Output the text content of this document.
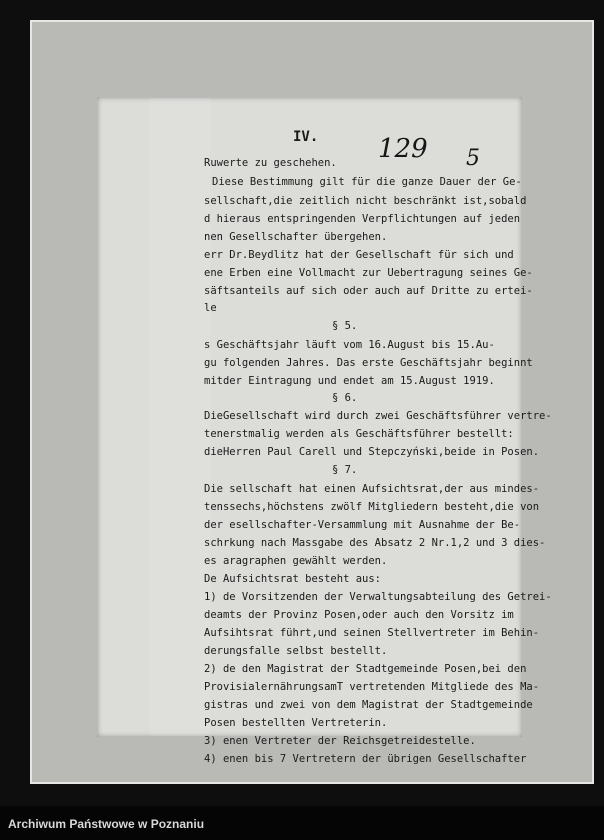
IV. 129 5
Ruwerte zu geschehen.
Diese Bestimmung gilt für die ganze Dauer der Ge-
sellschaft,die zeitlich nicht beschränkt ist,sobald
d hieraus entspringenden Verpflichtungen auf jeden
nen Gesellschafter übergehen.
err Dr.Beydlitz hat der Gesellschaft für sich und
ene Erben eine Vollmacht zur Uebertragung seines Ge-
säftsanteils auf sich oder auch auf Dritte zu ertei-
le
§ 5.
s Geschäftsjahr läuft vom 16.August bis 15.Au-
gu folgenden Jahres. Das erste Geschäftsjahr beginnt
mitder Eintragung und endet am 15.August 1919.
§ 6.
DieGesellschaft wird durch zwei Geschäftsführer vertre-
tenerstmalig werden als Geschäftsführer bestellt:
dieHerren Paul Carell und Stepczyński,beide in Posen.
§ 7.
Die sellschaft hat einen Aufsichtsrat,der aus mindes-
tenssechs,höchstens zwölf Mitgliedern besteht,die von
der esellschafter-Versammlung mit Ausnahme der Be-
schrkung nach Massgabe des Absatz 2 Nr.1,2 und 3 dies-
es aragraphen gewählt werden.
De Aufsichtsrat besteht aus:
1) de Vorsitzenden der Verwaltungsabteilung des Getrei-
deamts der Provinz Posen,oder auch den Vorsitz im
Aufsihtsrat führt,und seinen Stellvertreter im Behin-
derungsfalle selbst bestellt.
2) de den Magistrat der Stadtgemeinde Posen,bei den
ProvisialernährungsamT vertretenden Mitgliede des Ma-
gistras und zwei von dem Magistrat der Stadtgemeinde
Posen bestellten Vertreterin.
3) enen Vertreter der Reichsgetreidestelle.
4) enen bis 7 Vertretern der übrigen Gesellschafter
Archiwum Państwowe w Poznaniu
